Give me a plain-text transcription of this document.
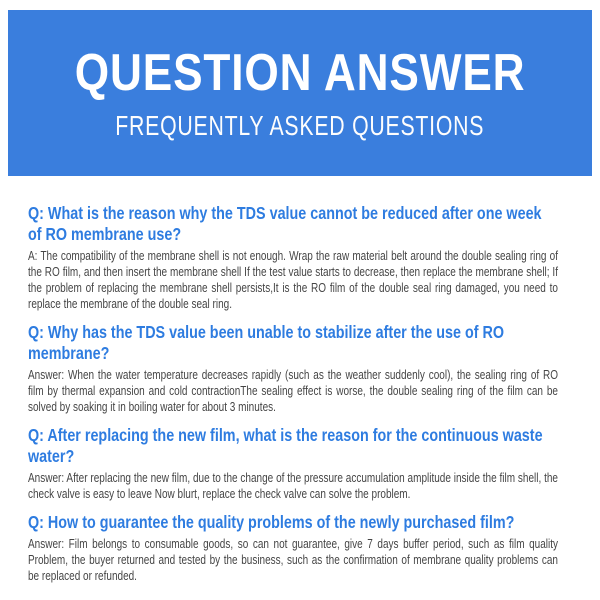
QUESTION ANSWER
FREQUENTLY ASKED QUESTIONS
Q: What is the reason why the TDS value cannot be reduced after one week of RO membrane use?

A: The compatibility of the membrane shell is not enough. Wrap the raw material belt around the double sealing ring of the RO film, and then insert the membrane shell If the test value starts to decrease, then replace the membrane shell; If the problem of replacing the membrane shell persists,It is the RO film of the double seal ring damaged, you need to replace the membrane of the double seal ring.

Q: Why has the TDS value been unable to stabilize after the use of RO membrane?

Answer: When the water temperature decreases rapidly (such as the weather suddenly cool), the sealing ring of RO film by thermal expansion and cold contractionThe sealing effect is worse, the double sealing ring of the film can be solved by soaking it in boiling water for about 3 minutes.

Q: After replacing the new film, what is the reason for the continuous waste water?

Answer: After replacing the new film, due to the change of the pressure accumulation amplitude inside the film shell, the check valve is easy to leave Now blurt, replace the check valve can solve the problem.

Q: How to guarantee the quality problems of the newly purchased film?

Answer: Film belongs to consumable goods, so can not guarantee, give 7 days buffer period, such as film quality Problem, the buyer returned and tested by the business, such as the confirmation of membrane quality problems can be replaced or refunded.
